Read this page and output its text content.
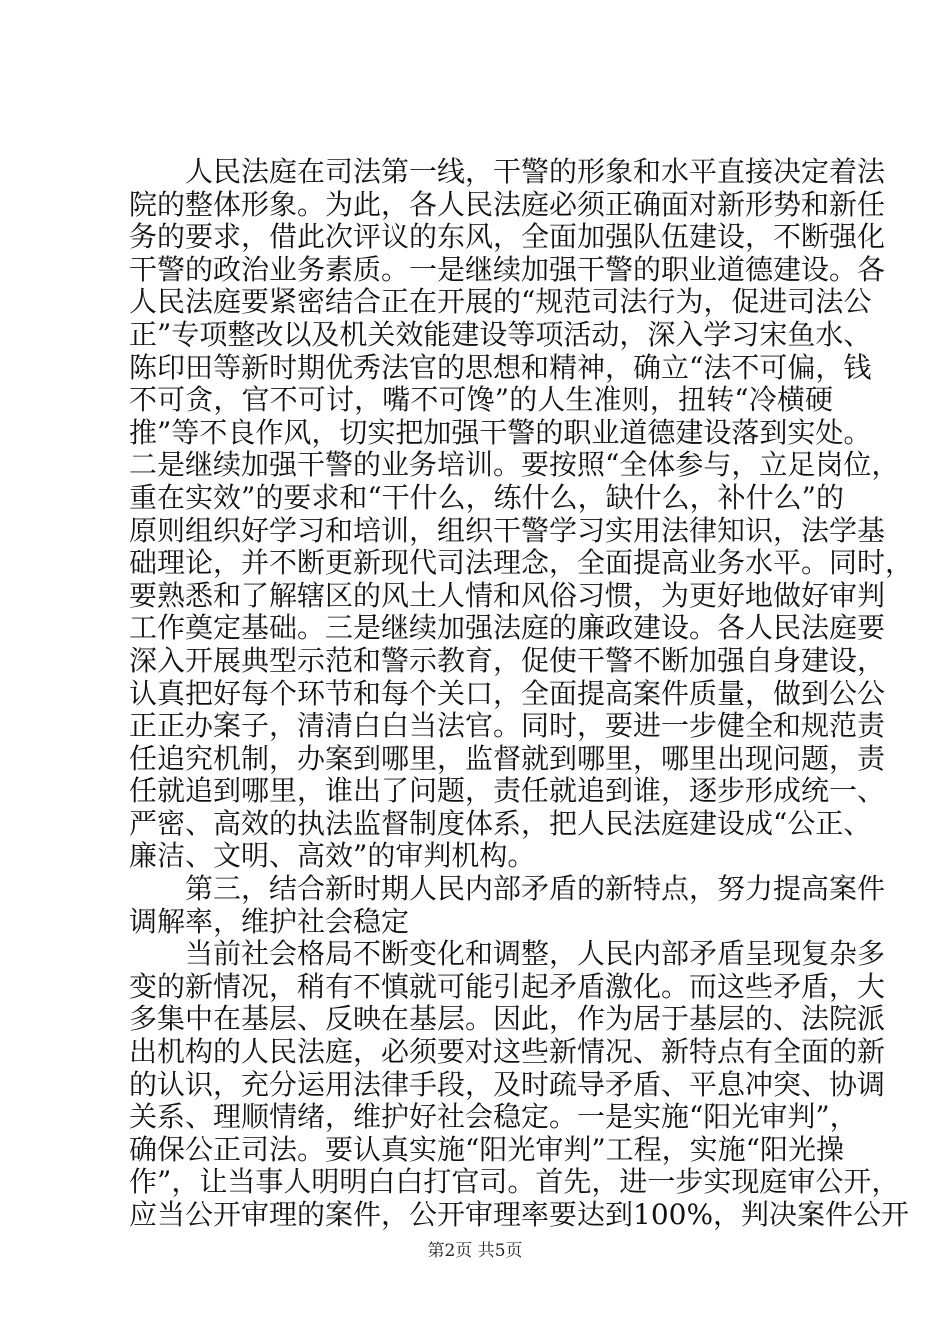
人民法庭在司法第一线，干警的形象和水平直接决定着法
院的整体形象。为此，各人民法庭必须正确面对新形势和新任
务的要求，借此次评议的东风，全面加强队伍建设，不断强化
干警的政治业务素质。一是继续加强干警的职业道德建设。各
人民法庭要紧密结合正在开展的“规范司法行为，促进司法公
正”专项整改以及机关效能建设等项活动，深入学习宋鱼水、
陈印田等新时期优秀法官的思想和精神，确立“法不可偏，钱
不可贪，官不可讨，嘴不可馋”的人生准则，扭转“冷横硬
推”等不良作风，切实把加强干警的职业道德建设落到实处。
二是继续加强干警的业务培训。要按照“全体参与，立足岗位，
重在实效”的要求和“干什么，练什么，缺什么，补什么”的
原则组织好学习和培训，组织干警学习实用法律知识，法学基
础理论，并不断更新现代司法理念，全面提高业务水平。同时，
要熟悉和了解辖区的风土人情和风俗习惯，为更好地做好审判
工作奠定基础。三是继续加强法庭的廉政建设。各人民法庭要
深入开展典型示范和警示教育，促使干警不断加强自身建设，
认真把好每个环节和每个关口，全面提高案件质量，做到公公
正正办案子，清清白白当法官。同时，要进一步健全和规范责
任追究机制，办案到哪里，监督就到哪里，哪里出现问题，责
任就追到哪里，谁出了问题，责任就追到谁，逐步形成统一、
严密、高效的执法监督制度体系，把人民法庭建设成“公正、
廉洁、文明、高效”的审判机构。
第三，结合新时期人民内部矛盾的新特点，努力提高案件
调解率，维护社会稳定
当前社会格局不断变化和调整，人民内部矛盾呈现复杂多
变的新情况，稍有不慎就可能引起矛盾激化。而这些矛盾，大
多集中在基层、反映在基层。因此，作为居于基层的、法院派
出机构的人民法庭，必须要对这些新情况、新特点有全面的新
的认识，充分运用法律手段，及时疏导矛盾、平息冲突、协调
关系、理顺情绪，维护好社会稳定。一是实施“阳光审判”，
确保公正司法。要认真实施“阳光审判”工程，实施“阳光操
作”，让当事人明明白白打官司。首先，进一步实现庭审公开，
应当公开审理的案件，公开审理率要达到100%，判决案件公开
第2页 共5页
